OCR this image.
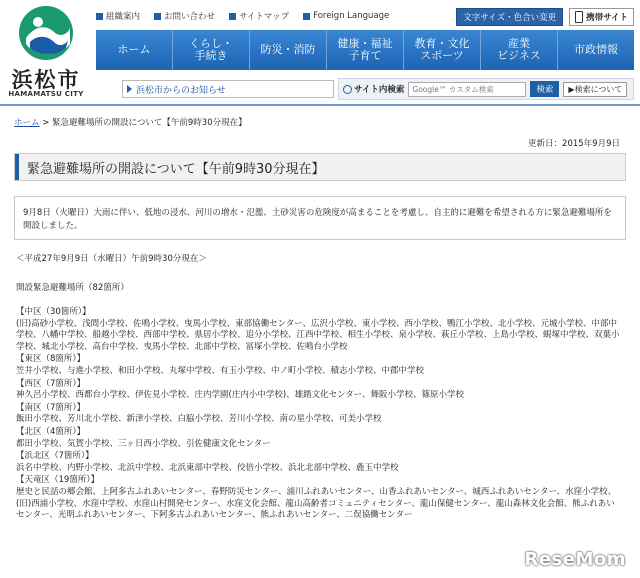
浜松市
HAMAMATSU CITY
組織案内	お問い合わせ	サイトマップ	Foreign Language	文字サイズ・色合い変更	携帯サイト
ホーム	くらし・
手続き	防災・消防 健康・福祉
子育て
教育・文化
スポーツ
産業
ビジネス	市政情報
浜松市からのお知らせ	サイト内検索
Google™ カスタム検索	検索	▶検索について
ホーム > 緊急避難場所の開設について【午前9時30分現在】
更新日：2015年9月9日
緊急避難場所の開設について【午前9時30分現在】
9月8日（火曜日）大雨に伴い、低地の浸水、河川の増水・氾濫、土砂災害の危険度が高まることを考慮し、自主的に避難を希望される方に緊急避難場所を開設しました。
＜平成27年9月9日（水曜日）午前9時30分現在＞
開設緊急避難場所（82箇所）
【中区（30箇所）】
(旧)高砂小学校、浅間小学校、佐鳴小学校、曳馬小学校、東部協働センター、広沢小学校、東小学校、西小学校、鴨江小学校、北小学校、元城小学校、中部中学校、八幡中学校、船越小学校、西部中学校、県居小学校、追分小学校、江西中学校、相生小学校、泉小学校、萩丘小学校、上島小学校、蜆塚中学校、双葉小学校、城北小学校、高台中学校、曳馬小学校、北部中学校、冨塚小学校、佐鳴台小学校
【東区（8箇所）】
笠井小学校、与進小学校、和田小学校、丸塚中学校、有玉小学校、中ノ町小学校、積志小学校、中郡中学校
【西区（7箇所）】
神久呂小学校、西都台小学校、伊佐見小学校、庄内学園(庄内小中学校)、雄踏文化センター、舞阪小学校、篠原小学校
【南区（7箇所）】
飯田小学校、芳川北小学校、新津小学校、白脇小学校、芳川小学校、南の星小学校、可美小学校
【北区（4箇所）】
都田小学校、気賀小学校、三ヶ日西小学校、引佐健康文化センター
【浜北区（7箇所）】
浜名中学校、内野小学校、北浜中学校、北浜東部中学校、佼倍小学校、浜北北部中学校、麁玉中学校
【天竜区（19箇所）】
歴史と民話の郷会館、上阿多古ふれあいセンター、春野防災センター、浦川ふれあいセンター、山香ふれあいセンター、城西ふれあいセンター、水窪小学校、(旧)西浦小学校、水窪中学校、水窪山村開発センター、水窪文化会館、龍山高齢者コミュニティセンター、龍山保健センター、龍山森林文化会館、熊ふれあいセンター、光明ふれあいセンター、下阿多古ふれあいセンター、熊ふれあいセンター、二俣協働センター
ReseMom
